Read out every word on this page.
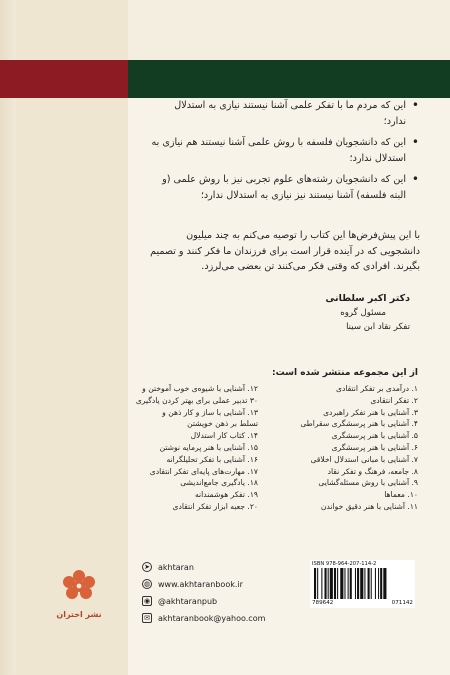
• این که مردم ما با تفکر علمی آشنا نیستند نیازی به استدلال ندارد؛
• این که دانشجویان فلسفه با روش علمی آشنا نیستند هم نیازی به استدلال ندارد؛
• این که دانشجویان رشته‌های علوم تجربی نیز با روش علمی (و البته فلسفه) آشنا نیستند نیز نیازی به استدلال ندارد؛
با این پیش‌فرض‌ها این کتاب را توصیه می‌کنم به چند میلیون دانشجویی که در آینده قرار است برای فرزندان ما فکر کنند و تصمیم بگیرند. افرادی که وقتی فکر می‌کنند تن بعضی می‌لرزد.
دکتر اکبر سلطانی
مسئول گروه
تفکر نقاد ابن سینا
از این مجموعه منتشر شده است:
۱. درآمدی بر تفکر انتقادی
۲. تفکر انتقادی
۳. آشنایی با هنر تفکر راهبردی
۴. آشنایی با هنر پرسشگری سقراطی
۵. آشنایی با هنر پرسشگری
۶. آشنایی با هنر پرسشگری
۷. آشنایی با مبانی استدلال اخلاقی
۸. جامعه، فرهنگ و تفکر نقاد
۹. آشنایی با روش مسئله‌گشایی
۱۰. معماها
۱۱. آشنایی با هنر دقیق خواندن
۱۲. آشنایی با شیوه‌ی خوب آموختن و
۳۰ تدبیر عملی برای بهتر کردن یادگیری
۱۳. آشنایی با ساز و کار ذهن و تسلط بر ذهن خویشتن
۱۴. کتاب کار استدلال
۱۵. آشنایی با هنر پرمایه نوشتن
۱۶. آشنایی با تفکر تحلیلگرانه
۱۷. مهارت‌های پایه‌ای تفکر انتقادی
۱۸. یادگیری جامع‌اندیشی
۱۹. تفکر هوشمندانه
۲۰. جعبه ابزار تفکر انتقادی
➤ akhtaran
◍ www.akhtaranbook.ir
◉ @akhtaranpub
✉ akhtaranbook@yahoo.com
نشر اختران
ISBN 978-964-207-114-2
789642	071142
